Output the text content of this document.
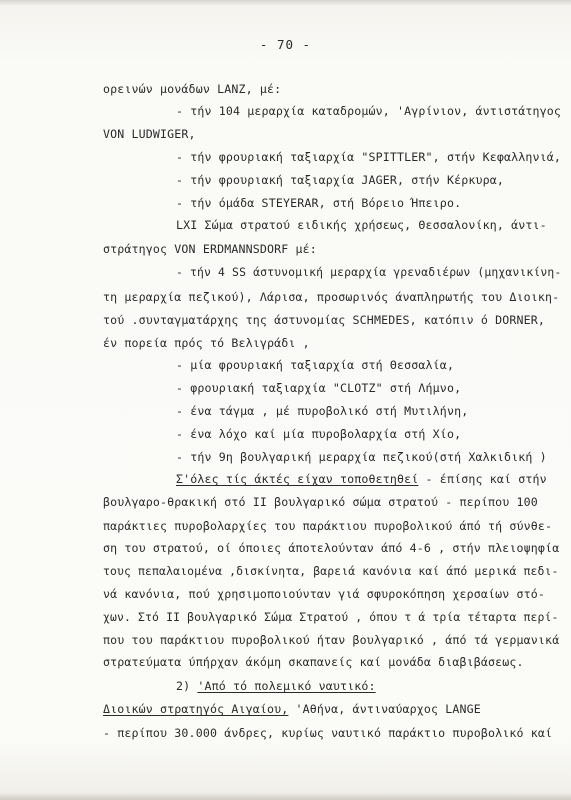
- 70 -
ορεινών μονάδων LANZ, μέ:
- τήν 104 μεραρχία καταδρομών, 'Αγρίνιον, άντιστάτηγος
VON LUDWIGER,
- τήν φρουριακή ταξιαρχία "SPITTLER", στήν Κεφαλληνιά,
- τήν φρουριακή ταξιαρχία JAGER, στήν Κέρκυρα,
- τήν όμάδα STEYERAR, στή Βόρειο Ήπειρο.
LXI Σώμα στρατού ειδικής χρήσεως, Θεσσαλονίκη, άντι-
στράτηγος VON ERDMANNSDORF μέ:
- τήν 4 SS άστυνομική μεραρχία γρεναδιέρων (μηχανικίνη-
τη μεραρχία πεζικού), Λάρισα, προσωρινός άναπληρωτής του Διοικη-
τού .συνταγματάρχης της άστυνομίας SCHMEDES, κατόπιν ό DORNER,
έν πορεία πρός τό Βελιγράδι ,
- μία φρουριακή ταξιαρχία στή Θεσσαλία,
- φρουριακή ταξιαρχία "CLOTZ" στή Λήμνο,
- ένα τάγμα , μέ πυροβολικό στή Μυτιλήνη,
- ένα λόχο καί μία πυροβολαρχία στή Χίο,
- τήν 9η βουλγαρική μεραρχία πεζικού(στή Χαλκιδική )
Σ'όλες τίς άκτές είχαν τοποθετηθεί - έπίσης καί στήν
βουλγαρο-θρακική στό II βουλγαρικό σώμα στρατού - περίπου 100
παράκτιες πυροβολαρχίες του παράκτιου πυροβολικού άπό τή σύνθε-
ση του στρατού, οί όποιες άποτελούνταν άπό 4-6 , στήν πλειοψηφία
τους πεπαλαιομένα ,δισκίνητα, βαρειά κανόνια καί άπό μερικά πεδι-
νά κανόνια, πού χρησιμοποιούνταν γιά σφυροκόπηση χερσαίων στό-
χων. Στό II βουλγαρικό Σώμα Στρατού , όπου τ ά τρία τέταρτα περί-
που του παράκτιου πυροβολικού ήταν βουλγαρικό , άπό τά γερμανικά
στρατεύματα ύπήρχαν άκόμη σκαπανείς καί μονάδα διαβιβάσεως.
2) 'Από τό πολεμικό ναυτικό:
Διοικών στρατηγός Αιγαίου, 'Αθήνα, άντιναύαρχος LANGE
- περίπου 30.000 άνδρες, κυρίως ναυτικό παράκτιο πυροβολικό καί
